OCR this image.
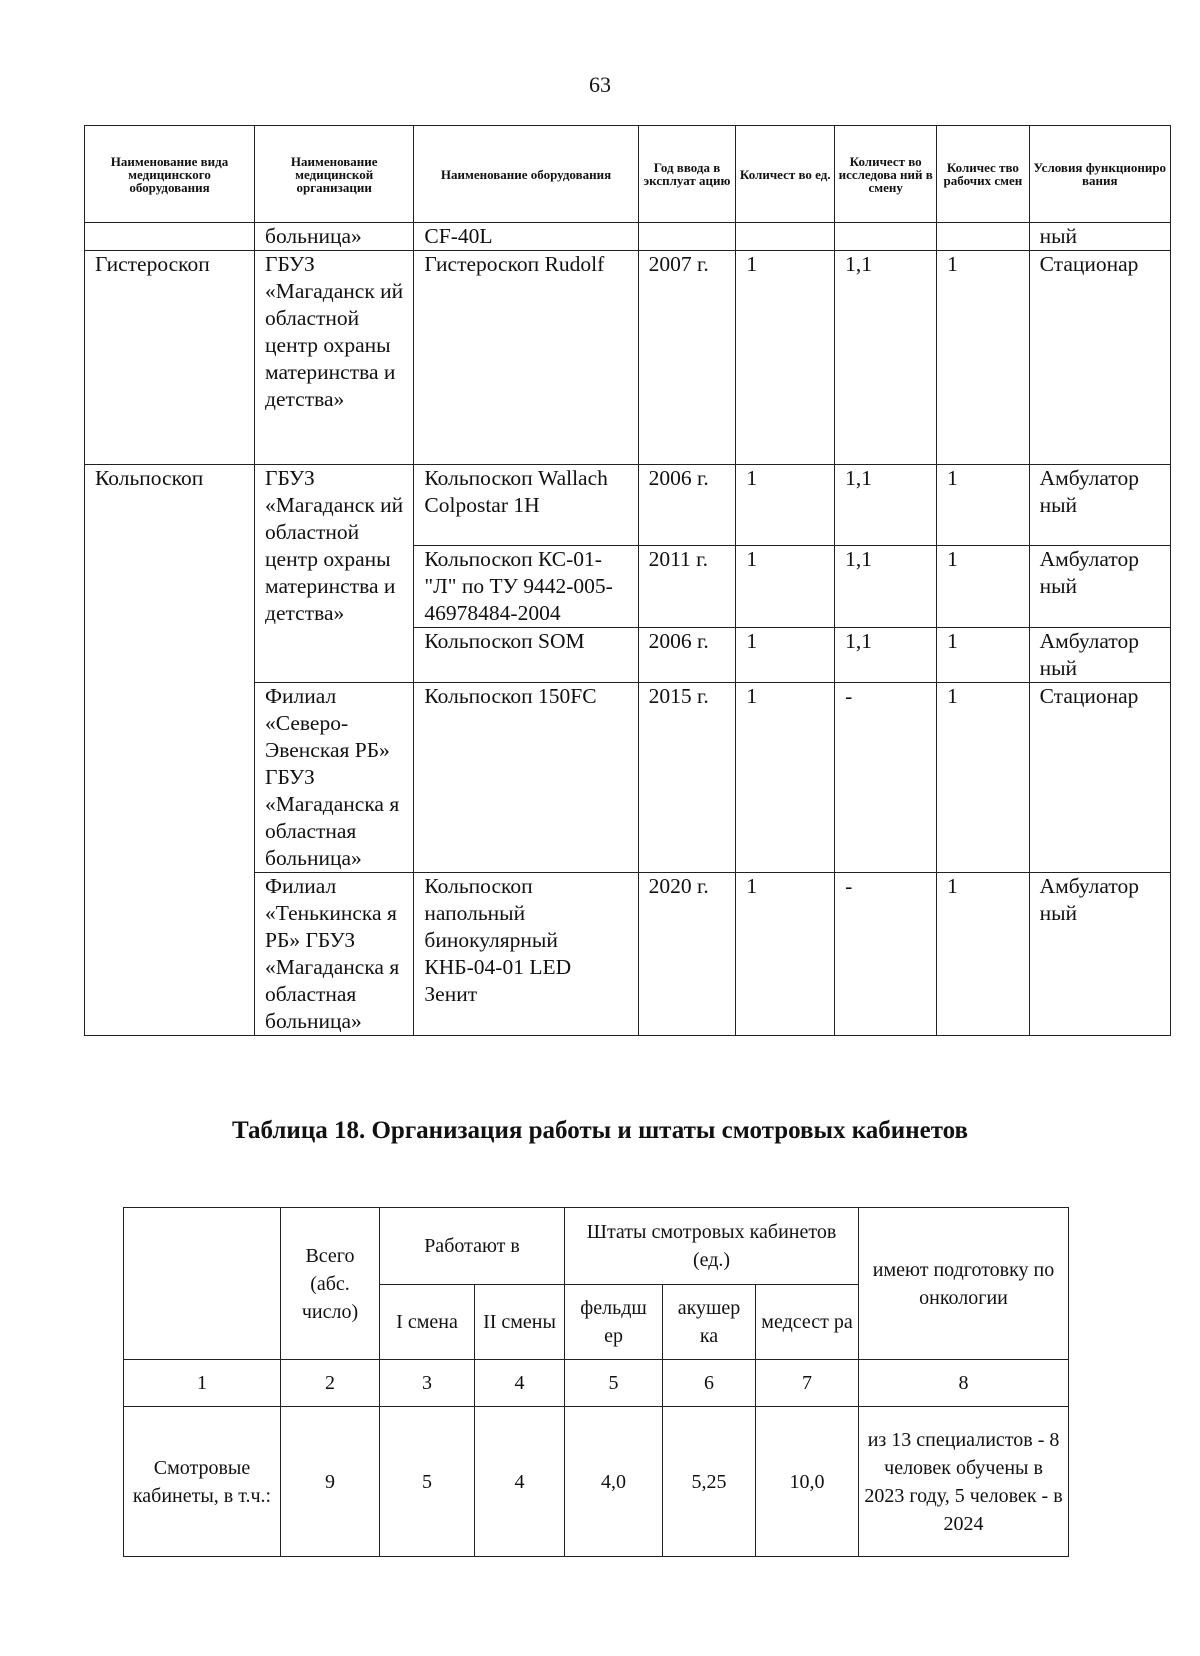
63
Наименование вида медицинского оборудования	Наименование медицинской организации	Наименование оборудования	Год ввода в эксплуат ацию	Количест во ед.	Количест во исследова ний в смену	Количес тво рабочих смен	Условия функциониро вания
	больница»	CF-40L					ный
Гистероскоп	ГБУЗ «Магаданск ий областной центр охраны материнства и детства»	Гистероскоп Rudolf	2007 г.	1	1,1	1	Стационар
Кольпоскоп	ГБУЗ «Магаданск ий областной центр охраны материнства и детства»	Кольпоскоп Wallach Colpostar 1H	2006 г.	1	1,1	1	Амбулатор ный
		Кольпоскоп КС-01-"Л" по ТУ 9442-005-46978484-2004	2011 г.	1	1,1	1	Амбулатор ный
		Кольпоскоп SOM	2006 г.	1	1,1	1	Амбулатор ный
	Филиал «Северо-Эвенская РБ» ГБУЗ «Магаданска я областная больница»	Кольпоскоп 150FC	2015 г.	1	-	1	Стационар
	Филиал «Тенькинска я РБ» ГБУЗ «Магаданска я областная больница»	Кольпоскоп напольный бинокулярный КНБ-04-01 LED Зенит	2020 г.	1	-	1	Амбулатор ный
Таблица 18. Организация работы и штаты смотровых кабинетов
	Всего (абс. число)	Работают в		Штаты смотровых кабинетов (ед.)			имеют подготовку по онкологии
		I смена	II смены	фельдш ер	акушер ка	медсест ра	
1	2	3	4	5	6	7	8
Смотровые кабинеты, в т.ч.:	9	5	4	4,0	5,25	10,0	из 13 специалистов - 8 человек обучены в 2023 году, 5 человек - в 2024
